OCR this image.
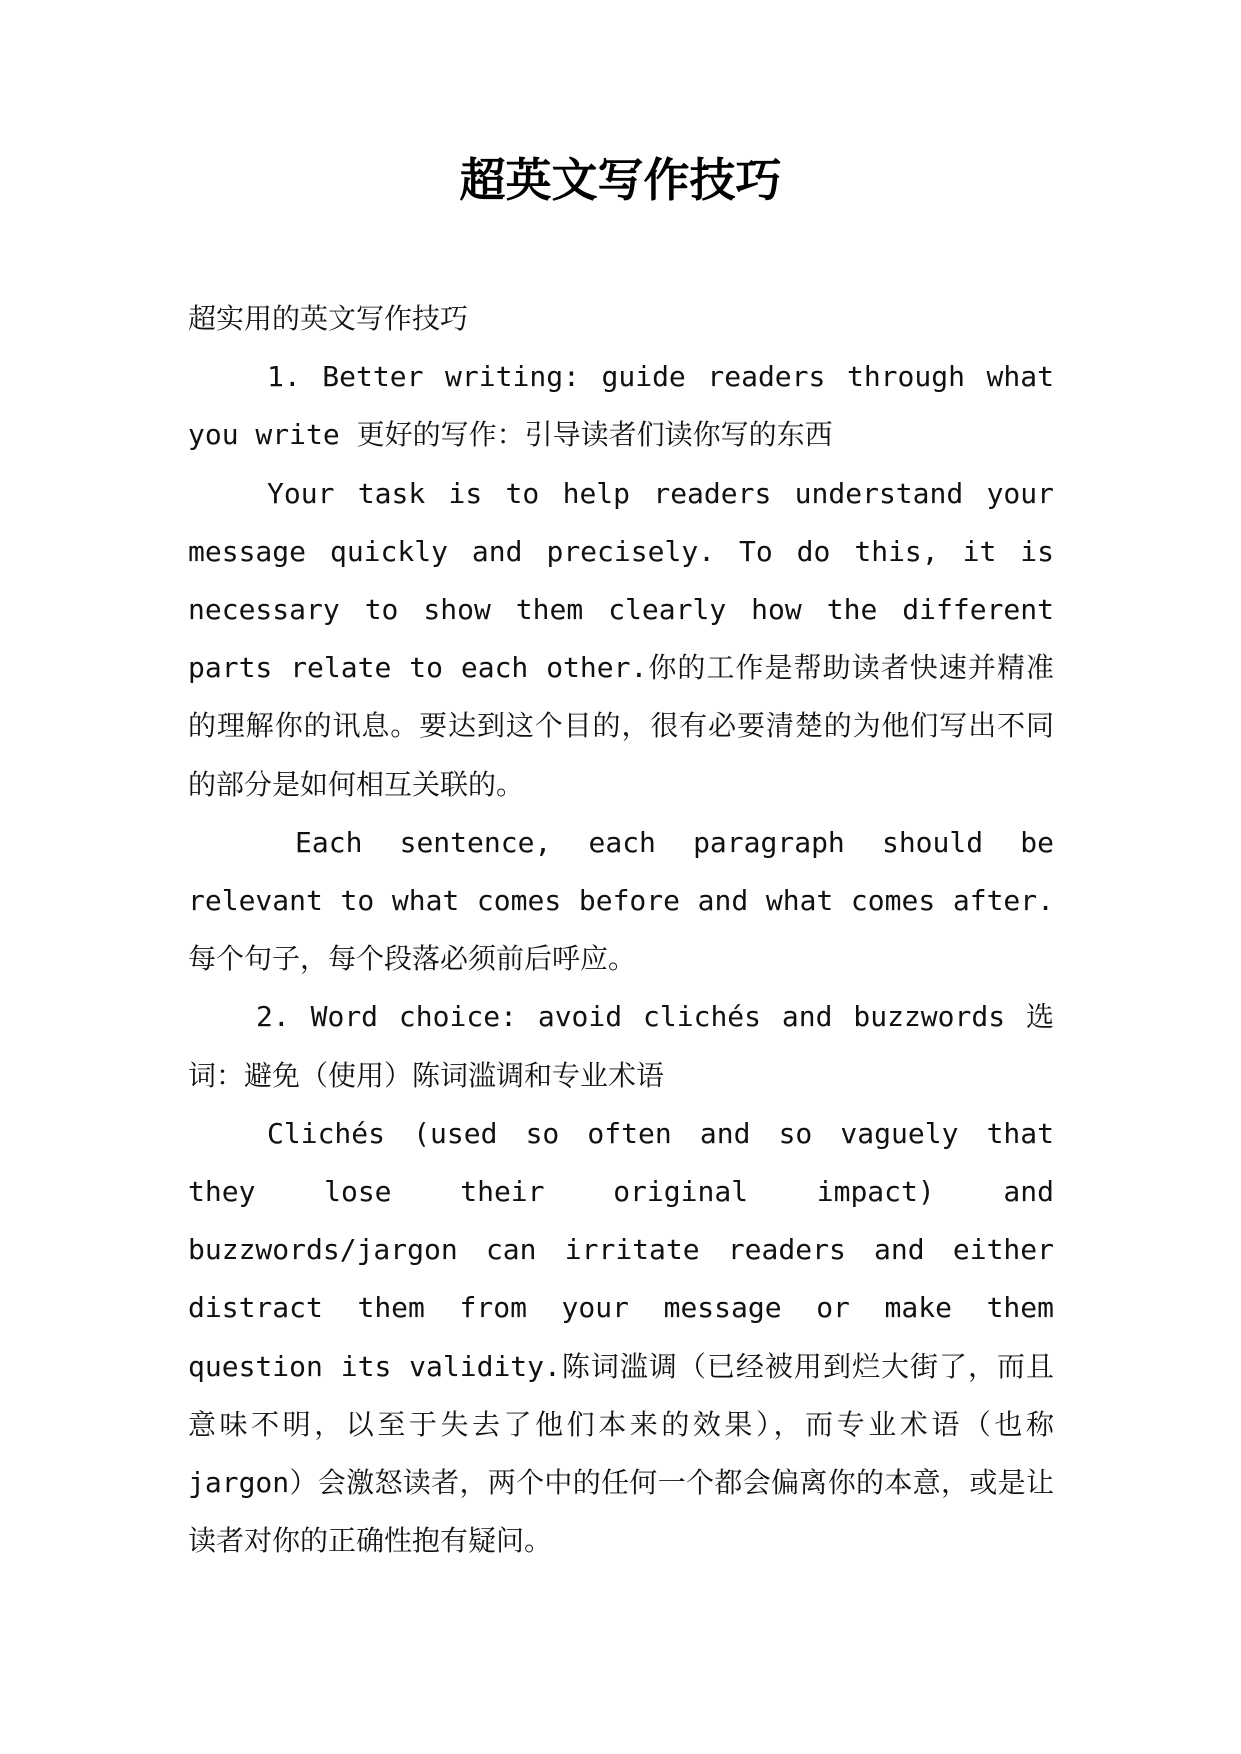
超英文写作技巧

超实用的英文写作技巧

1. Better writing: guide readers through what you write 更好的写作：引导读者们读你写的东西

Your task is to help readers understand your message quickly and precisely. To do this, it is necessary to show them clearly how the different parts relate to each other.你的工作是帮助读者快速并精准的理解你的讯息。要达到这个目的，很有必要清楚的为他们写出不同的部分是如何相互关联的。

Each sentence, each paragraph should be relevant to what comes before and what comes after.每个句子，每个段落必须前后呼应。

2. Word choice: avoid clichés and buzzwords 选词：避免（使用）陈词滥调和专业术语

Clichés (used so often and so vaguely that they lose their original impact) and buzzwords/jargon can irritate readers and either distract them from your message or make them question its validity.陈词滥调（已经被用到烂大街了，而且意味不明，以至于失去了他们本来的效果），而专业术语（也称 jargon）会激怒读者，两个中的任何一个都会偏离你的本意，或是让读者对你的正确性抱有疑问。
